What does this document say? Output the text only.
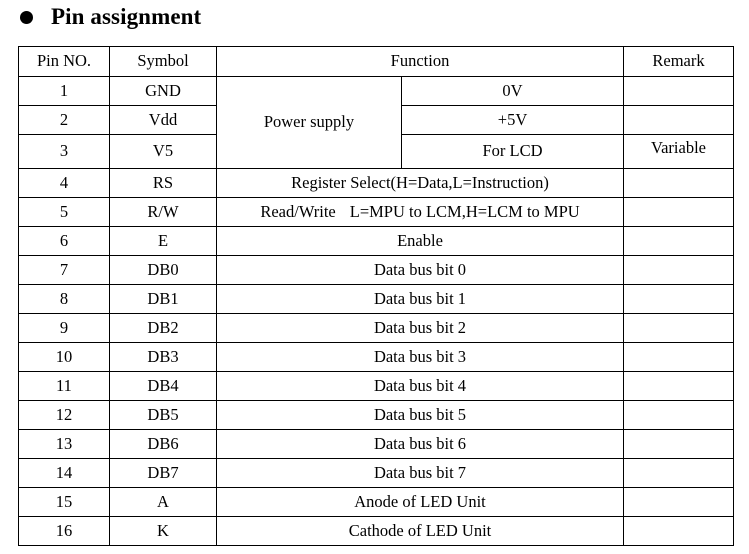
Pin assignment
Pin NO.	Symbol	Function		Remark
1	GND	Power supply	0V	
2	Vdd		+5V	
3	V5		For LCD	Variable
4	RS	Register Select(H=Data,L=Instruction)		
5	R/W	Read/Write L=MPU to LCM,H=LCM to MPU		
6	E	Enable		
7	DB0	Data bus bit 0		
8	DB1	Data bus bit 1		
9	DB2	Data bus bit 2		
10	DB3	Data bus bit 3		
11	DB4	Data bus bit 4		
12	DB5	Data bus bit 5		
13	DB6	Data bus bit 6		
14	DB7	Data bus bit 7		
15	A	Anode of LED Unit		
16	K	Cathode of LED Unit		
